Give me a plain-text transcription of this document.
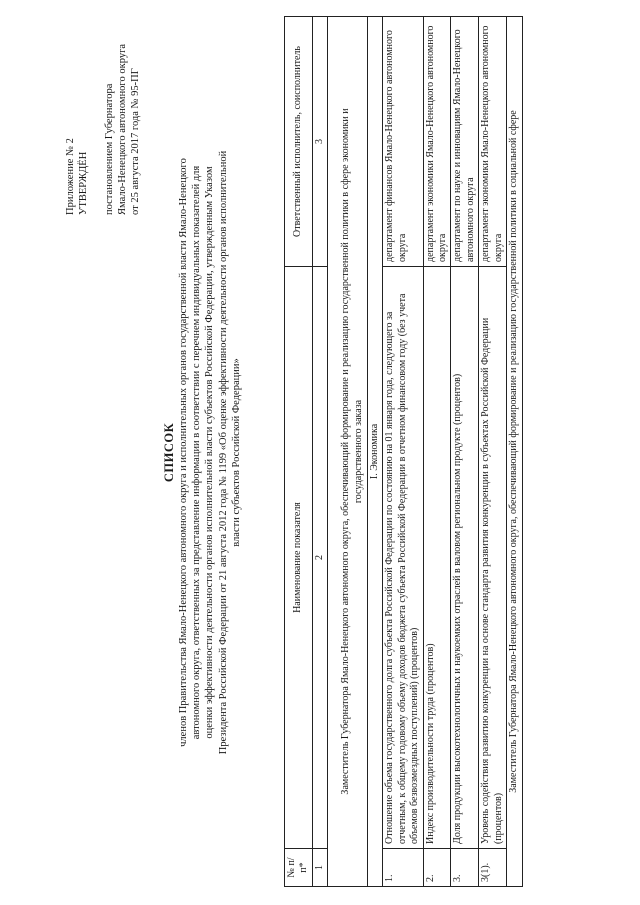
Приложение № 2 УТВЕРЖДЁН постановлением Губернатора Ямало-Ненецкого автономного округа от 25 августа 2017 года № 95-ПГ
СПИСОК членов Правительства Ямало-Ненецкого автономного округа и исполнительных органов государственной власти Ямало-Ненецкого автономного округа, ответственных за представление информации в соответствии с перечнем индивидуальных показателей для оценки эффективности деятельности органов исполнительной власти субъектов Российской Федерации, утвержденным Указом Президента Российской Федерации от 21 августа 2012 года № 1199 «Об оценке эффективности деятельности органов исполнительной власти субъектов Российской Федерации»
№ п/п*	Наименование показателя	Ответственный исполнитель, соисполнитель
1	2	3
Заместитель Губернатора Ямало-Ненецкого автономного округа, обеспечивающий формирование и реализацию государственной политики в сфере экономики и государственного заказа		
I. Экономика		
1.	Отношение объема государственного долга субъекта Российской Федерации по состоянию на 01 января года, следующего за отчетным, к общему годовому объему доходов бюджета субъекта Российской Федерации в отчетном финансовом году (без учета объемов безвозмездных поступлений) (процентов)	департамент финансов Ямало-Ненецкого автономного округа
2.	Индекс производительности труда (процентов)	департамент экономики Ямало-Ненецкого автономного округа
3.	Доля продукции высокотехнологичных и наукоемких отраслей в валовом региональном продукте (процентов)	департамент по науке и инновациям Ямало-Ненецкого автономного округа
3(1).	Уровень содействия развитию конкуренции на основе стандарта развития конкуренции в субъектах Российской Федерации (процентов)	департамент экономики Ямало-Ненецкого автономного округа
Заместитель Губернатора Ямало-Ненецкого автономного округа, обеспечивающий формирование и реализацию государственной политики в социальной сфере		
